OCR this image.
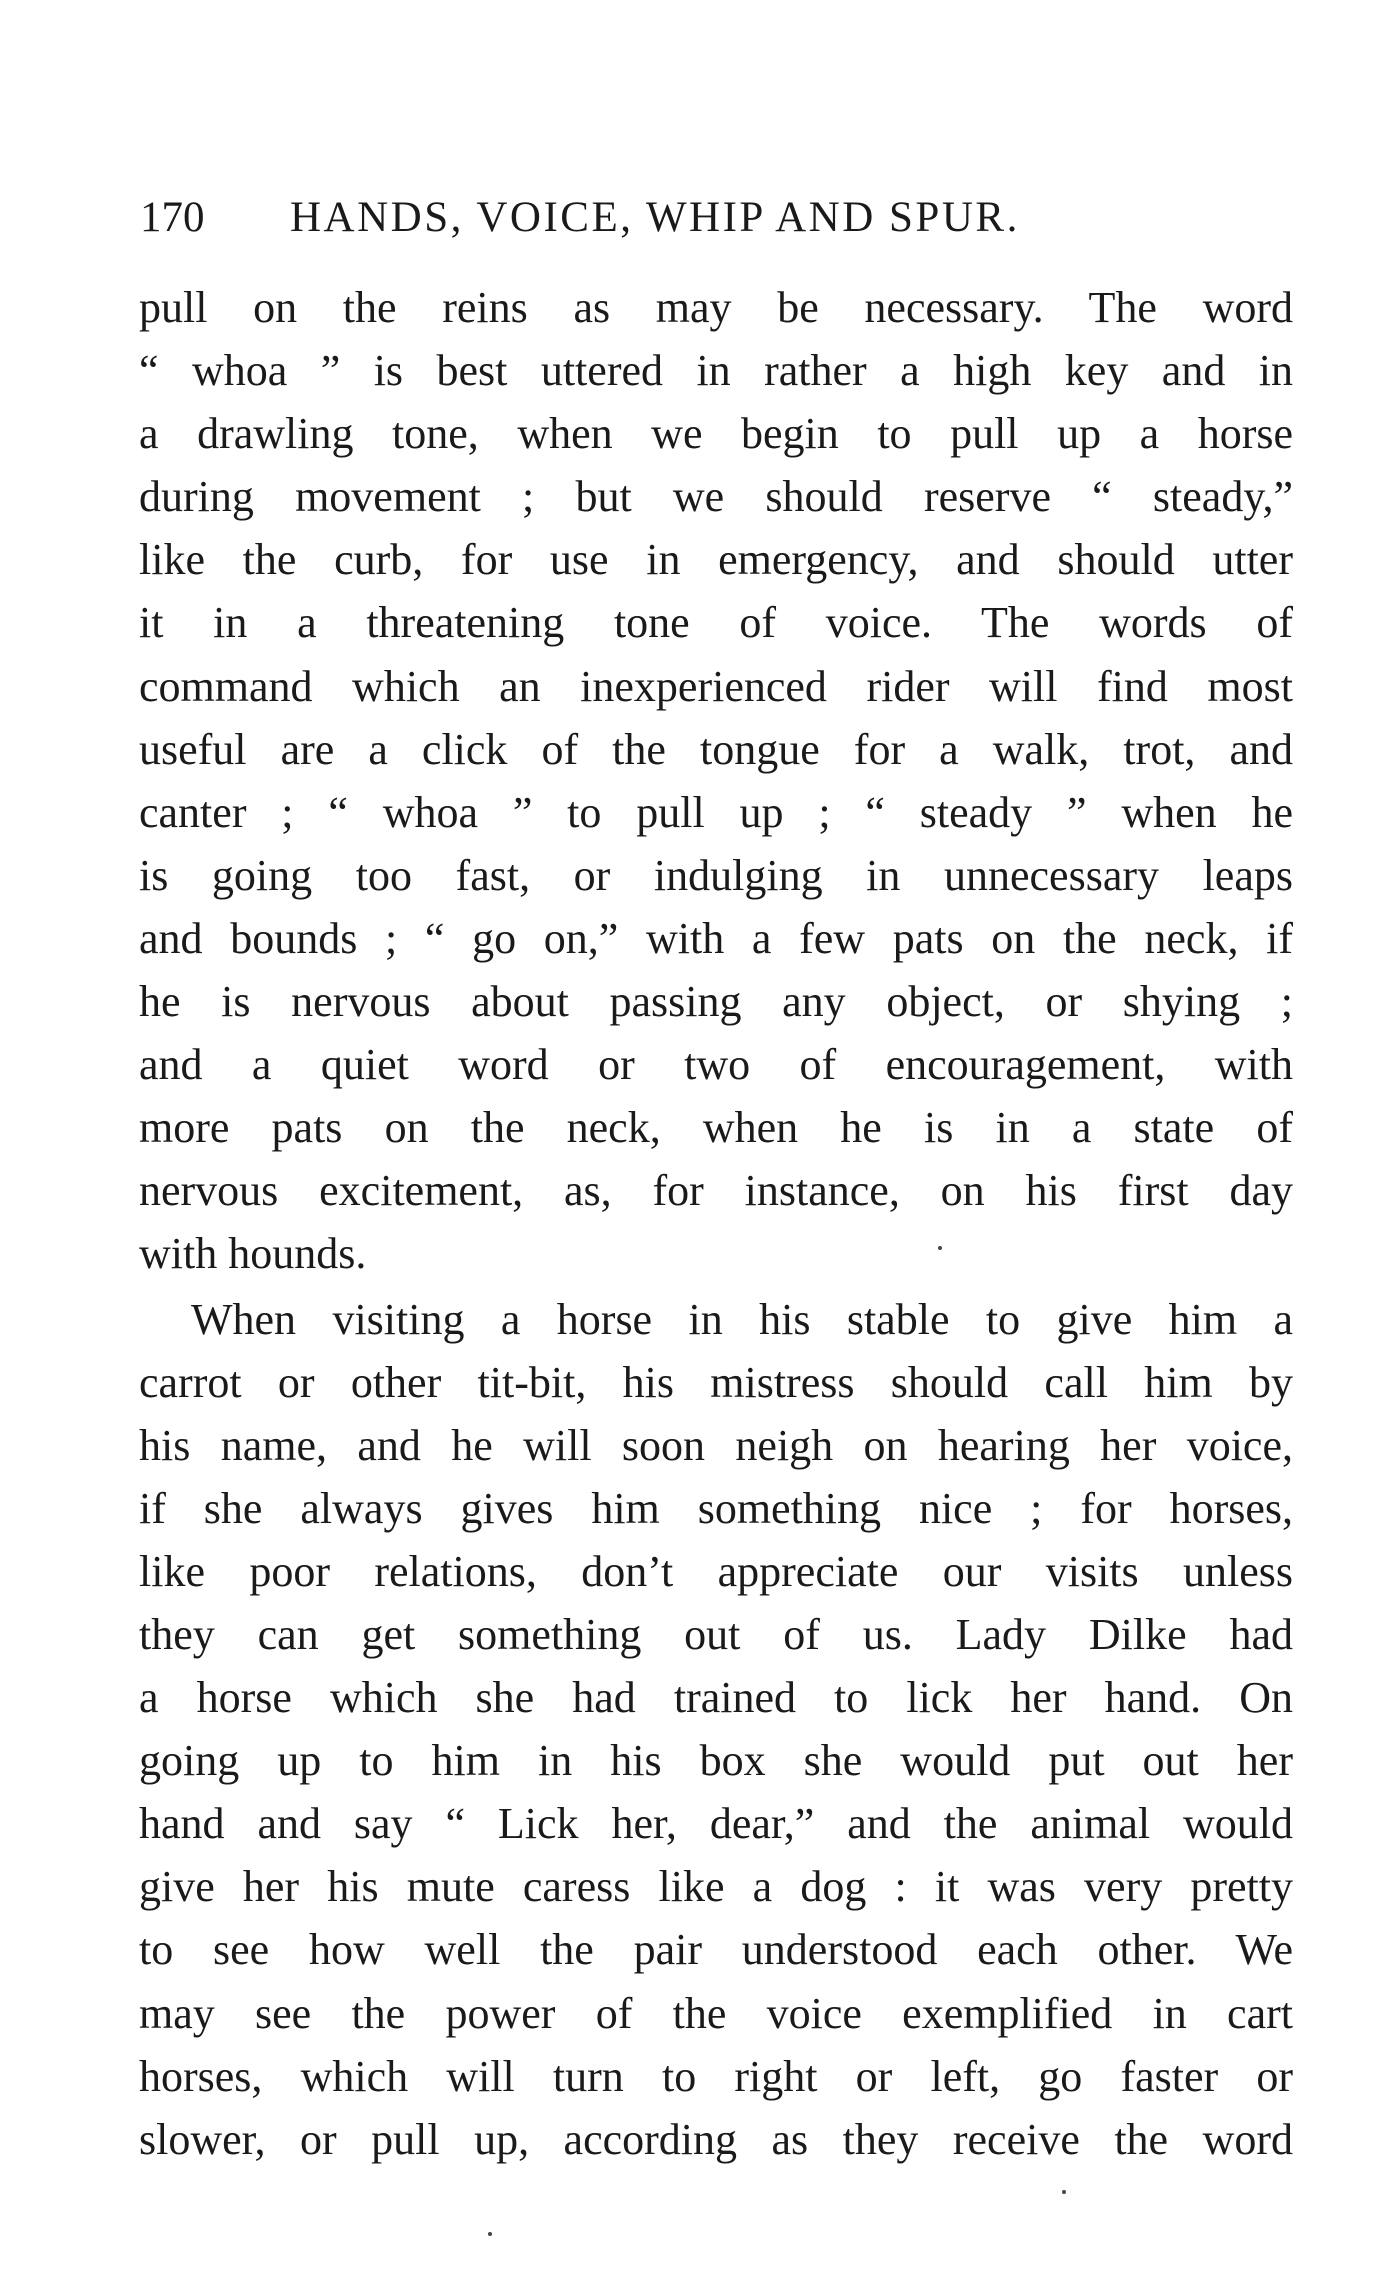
170 HANDS, VOICE, WHIP AND SPUR.
pull on the reins as may be necessary. The word
“ whoa ” is best uttered in rather a high key and in
a drawling tone, when we begin to pull up a horse
during movement ; but we should reserve “ steady,”
like the curb, for use in emergency, and should utter
it in a threatening tone of voice. The words of
command which an inexperienced rider will find most
useful are a click of the tongue for a walk, trot, and
canter ; “ whoa ” to pull up ; “ steady ” when he
is going too fast, or indulging in unnecessary leaps
and bounds ; “ go on,” with a few pats on the neck, if
he is nervous about passing any object, or shying ;
and a quiet word or two of encouragement, with
more pats on the neck, when he is in a state of
nervous excitement, as, for instance, on his first day
with hounds.
When visiting a horse in his stable to give him a
carrot or other tit-bit, his mistress should call him by
his name, and he will soon neigh on hearing her voice,
if she always gives him something nice ; for horses,
like poor relations, don’t appreciate our visits unless
they can get something out of us. Lady Dilke had
a horse which she had trained to lick her hand. On
going up to him in his box she would put out her
hand and say “ Lick her, dear,” and the animal would
give her his mute caress like a dog : it was very pretty
to see how well the pair understood each other. We
may see the power of the voice exemplified in cart
horses, which will turn to right or left, go faster or
slower, or pull up, according as they receive the word
